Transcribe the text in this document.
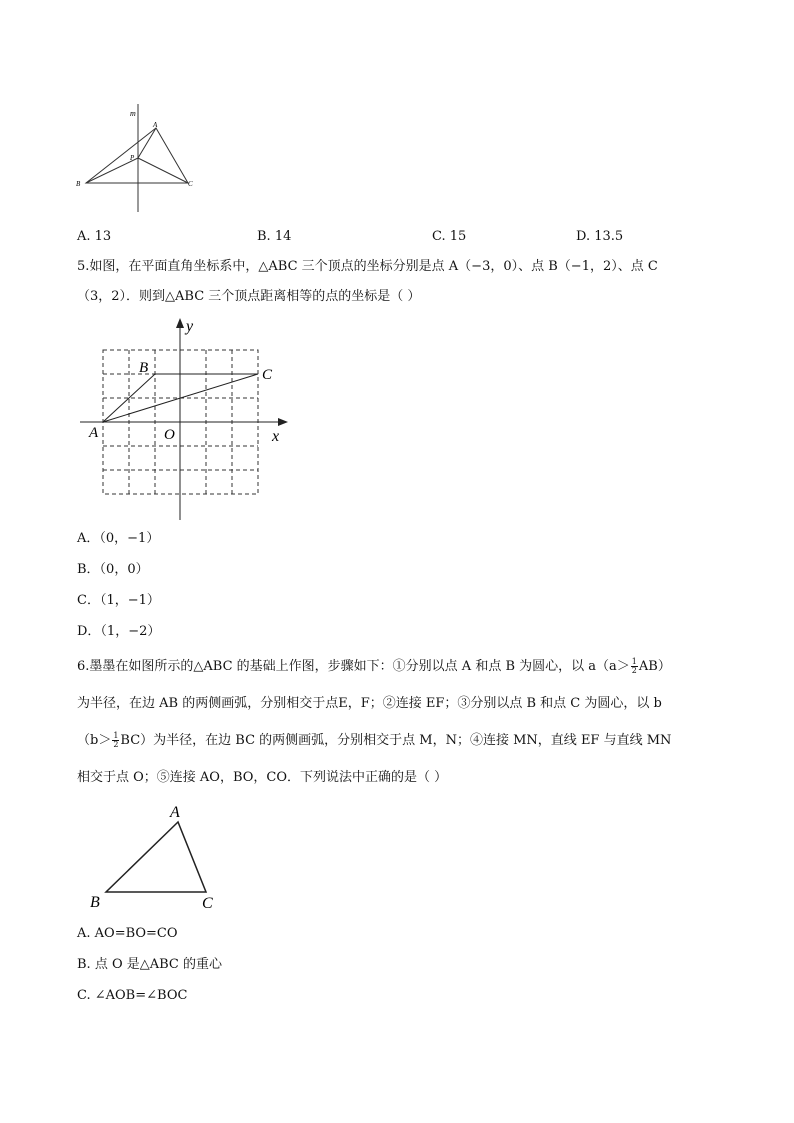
m
A
P
B	C
A. 13	B. 14	C. 15	D. 13.5
5.如图，在平面直角坐标系中，△ABC 三个顶点的坐标分别是点 A（−3，0）、点 B（−1，2）、点 C
（3，2）．则到△ABC 三个顶点距离相等的点的坐标是（ ）
y
x
O
A
B	C
A．（0，−1）
B．（0，0）
C．（1，−1）
D．（1，−2）
6.墨墨在如图所示的△ABC 的基础上作图，步骤如下：①分别以点 A 和点 B 为圆心，以 $a(a> \frac{1}{2} AB)$
为半径，在边 AB 的两侧画弧，分别相交于点E，F；②连接 EF；③分别以点 B 和点 C 为圆心，以 b
$(b> \frac{1}{2} BC)$为半径，在边 BC 的两侧画弧，分别相交于点 M，N；④连接 MN，直线 EF 与直线 MN
相交于点 O；⑤连接 AO，BO，CO．下列说法中正确的是（ ）
A
B	C
A. AO=BO=CO
B. 点 O 是△ABC 的重心
C. ∠AOB=∠BOC
